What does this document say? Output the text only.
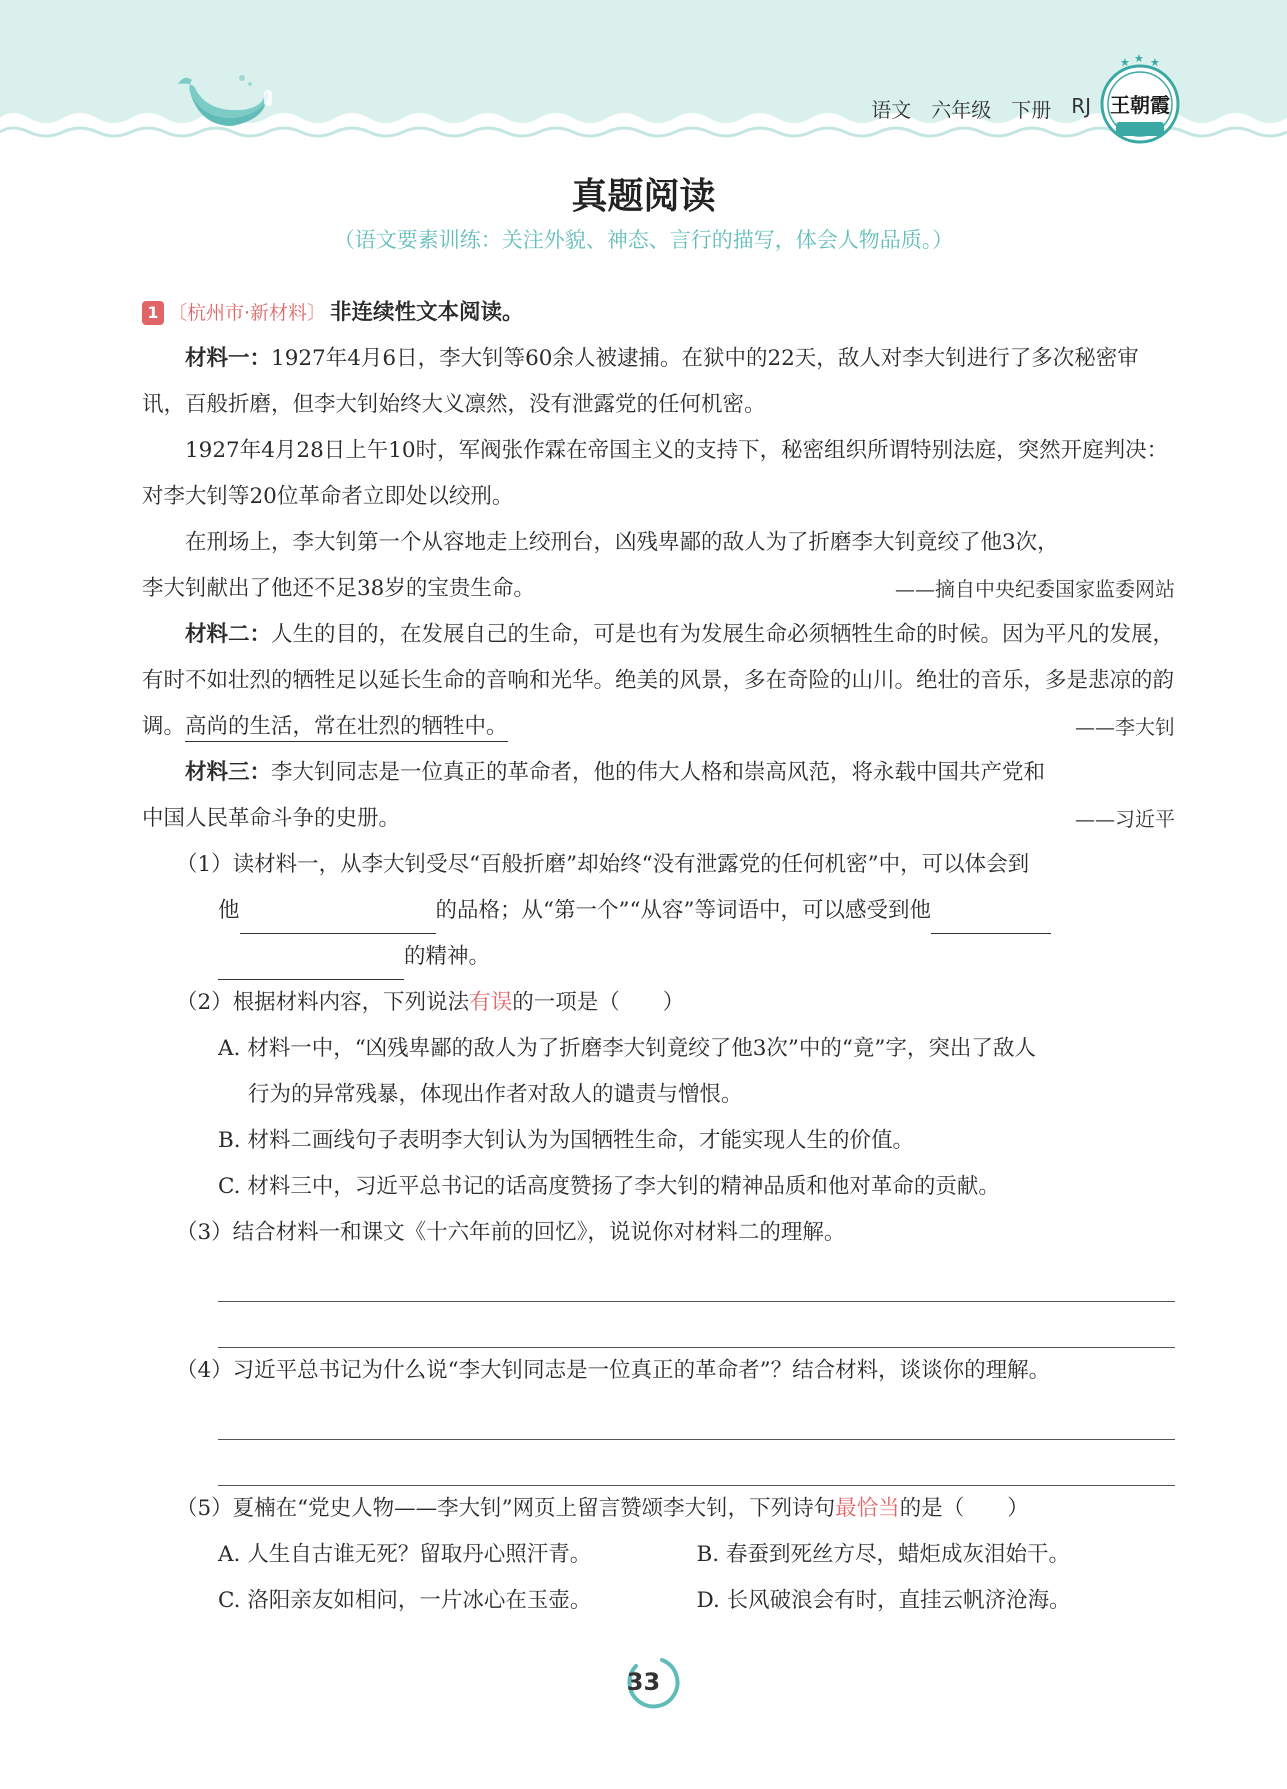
语文 六年级 下册 RJ
★ ★ ★
王朝霞
真题阅读
（语文要素训练：关注外貌、神态、言行的描写，体会人物品质。）
1 〔杭州市·新材料〕 非连续性文本阅读。

材料一：1927年4月6日，李大钊等60余人被逮捕。在狱中的22天，敌人对李大钊进行了多次秘密审讯，百般折磨，但李大钊始终大义凛然，没有泄露党的任何机密。

1927年4月28日上午10时，军阀张作霖在帝国主义的支持下，秘密组织所谓特别法庭，突然开庭判决：对李大钊等20位革命者立即处以绞刑。

在刑场上，李大钊第一个从容地走上绞刑台，凶残卑鄙的敌人为了折磨李大钊竟绞了他3次，

李大钊献出了他还不足38岁的宝贵生命。	——摘自中央纪委国家监委网站

材料二：人生的目的，在发展自己的生命，可是也有为发展生命必须牺牲生命的时候。因为平凡的发展，有时不如壮烈的牺牲足以延长生命的音响和光华。绝美的风景，多在奇险的山川。绝壮的音乐，多是悲凉的韵调。高尚的生活，常在壮烈的牺牲中。	——李大钊

材料三：李大钊同志是一位真正的革命者，他的伟大人格和崇高风范，将永载中国共产党和

中国人民革命斗争的史册。	——习近平

（1）读材料一，从李大钊受尽“百般折磨”却始终“没有泄露党的任何机密”中，可以体会到

他	的品格；从“第一个”“从容”等词语中，可以感受到他

的精神。

（2）根据材料内容，下列说法有误的一项是（　　）

A. 材料一中，“凶残卑鄙的敌人为了折磨李大钊竟绞了他3次”中的“竟”字，突出了敌人

行为的异常残暴，体现出作者对敌人的谴责与憎恨。

B. 材料二画线句子表明李大钊认为为国牺牲生命，才能实现人生的价值。

C. 材料三中，习近平总书记的话高度赞扬了李大钊的精神品质和他对革命的贡献。

（3）结合材料一和课文《十六年前的回忆》，说说你对材料二的理解。

（4）习近平总书记为什么说“李大钊同志是一位真正的革命者”？结合材料，谈谈你的理解。

（5）夏楠在“党史人物——李大钊”网页上留言赞颂李大钊，下列诗句最恰当的是（　　）

A. 人生自古谁无死？留取丹心照汗青。	B. 春蚕到死丝方尽，蜡炬成灰泪始干。

C. 洛阳亲友如相问，一片冰心在玉壶。	D. 长风破浪会有时，直挂云帆济沧海。

33
